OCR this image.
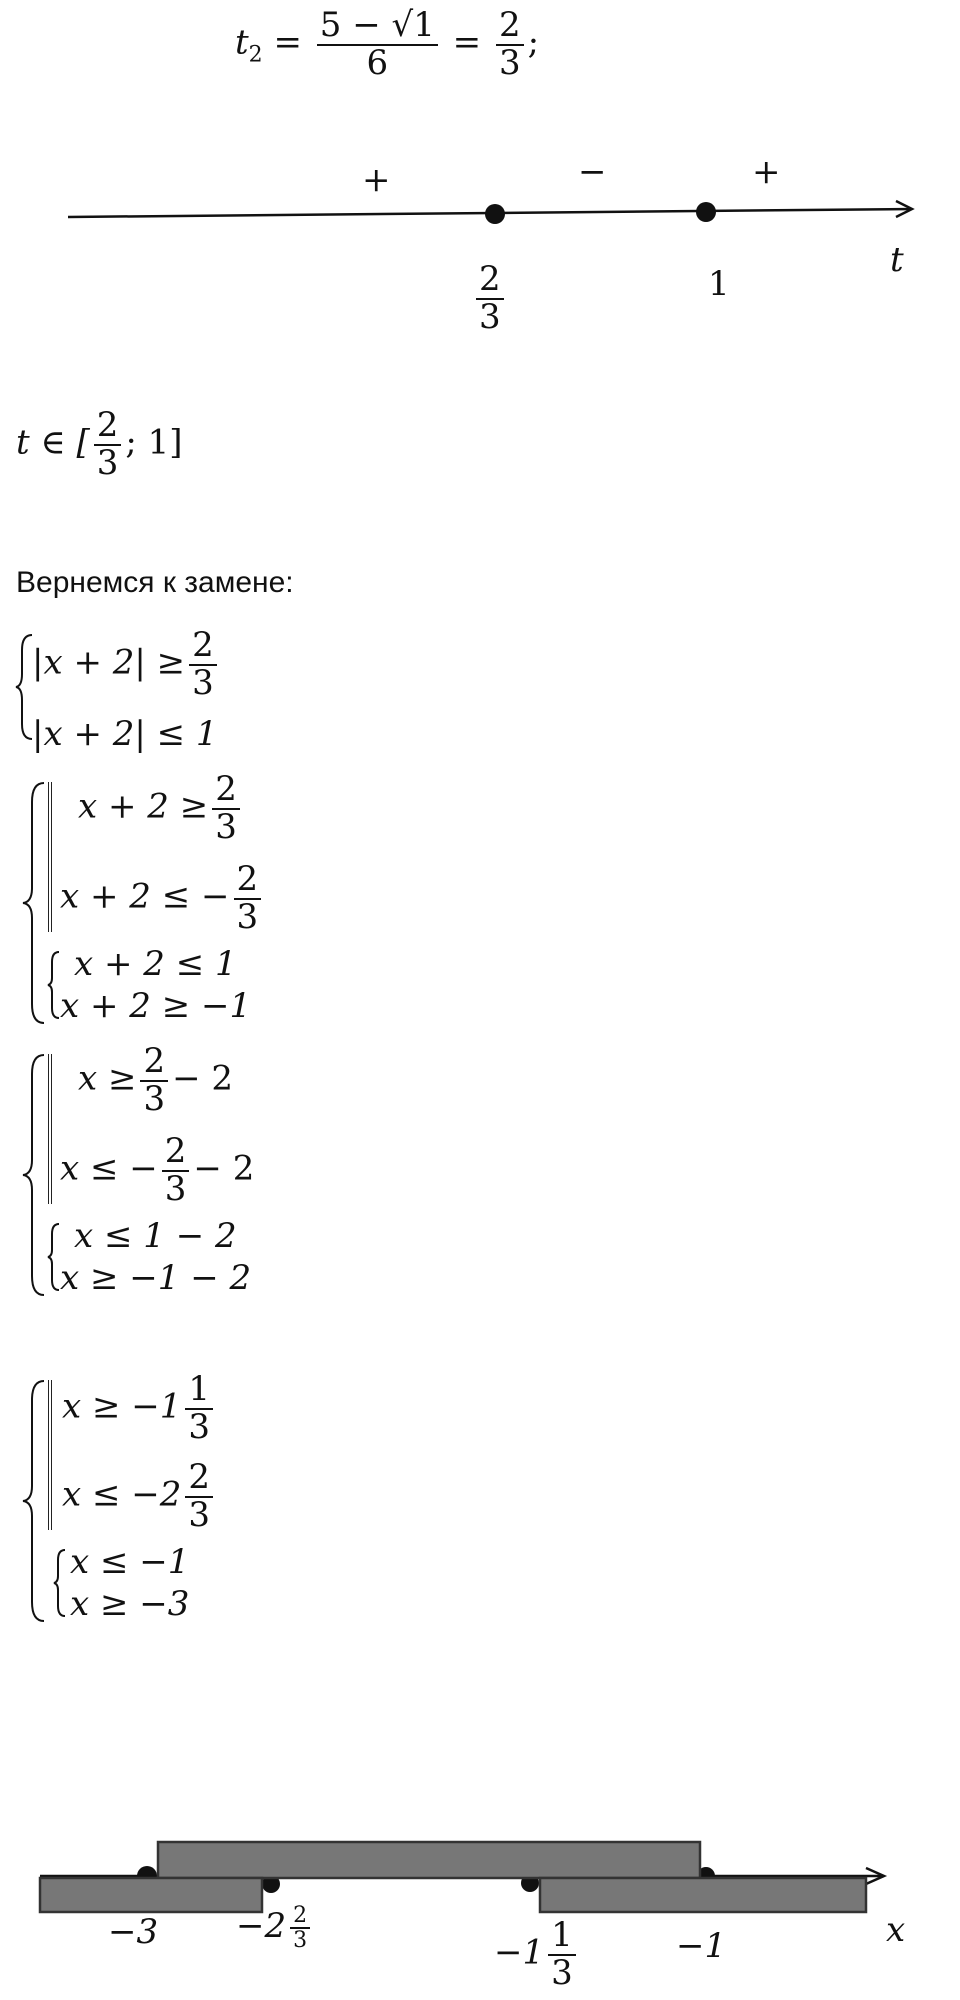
$t_2 = \frac{5 - √1}{6} = \frac{2}{3}$ ;
+	−	+
$\frac{2}{3}$	1
t
t ∈ [ $\frac{2}{3}$ ; 1]
Вернемся к замене:
$|x + 2| \ge \frac{2}{3}$
|x + 2| ≤ 1
$x + 2 \ge \frac{2}{3}$
x + 2 ≤ − $\frac{2}{3}$
x + 2 ≤ 1
x + 2 ≥ −1
$x \ge \frac{2}{3} - 2$
x ≤ − $\frac{2}{3} - 2$
x ≤ 1 − 2
x ≥ −1 − 2
$x \ge -1 \frac{1}{3}$
$x \le -2 \frac{2}{3}$
x ≤ −1
x ≥ −3
$-3 -2 \frac{2}{3}$
$-1 \frac{1}{3}$	−1	x
